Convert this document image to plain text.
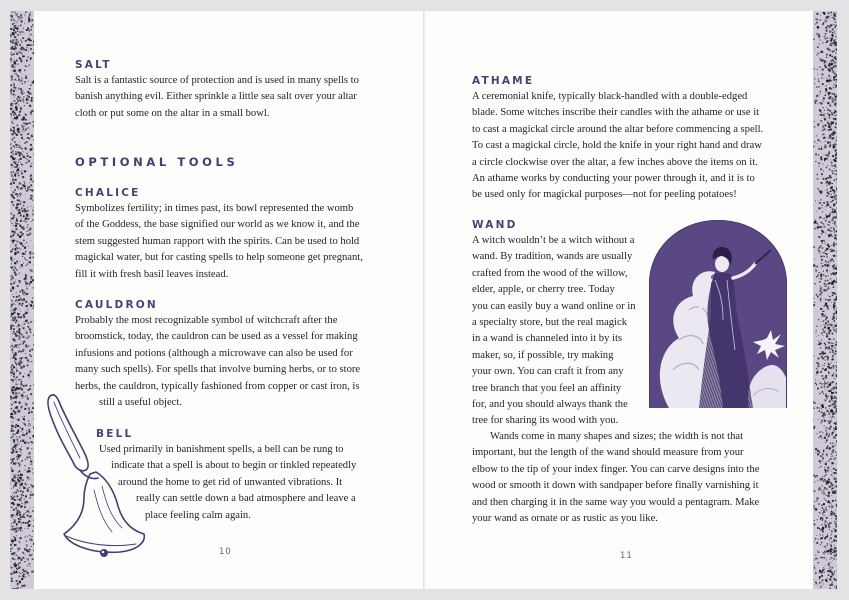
SALT

Salt is a fantastic source of protection and is used in many spells to
banish anything evil. Either sprinkle a little sea salt over your altar
cloth or put some on the altar in a small bowl.

OPTIONAL TOOLS
CHALICE

Symbolizes fertility; in times past, its bowl represented the womb
of the Goddess, the base signified our world as we know it, and the
stem suggested human rapport with the spirits. Can be used to hold
magickal water, but for casting spells to help someone get pregnant,
fill it with fresh basil leaves instead.

CAULDRON

Probably the most recognizable symbol of witchcraft after the
broomstick, today, the cauldron can be used as a vessel for making
infusions and potions (although a microwave can also be used for
many such spells). For spells that involve burning herbs, or to store
herbs, the cauldron, typically fashioned from copper or cast iron, is
still a useful object.

BELL

Used primarily in banishment spells, a bell can be rung to
indicate that a spell is about to begin or tinkled repeatedly
around the home to get rid of unwanted vibrations. It
really can settle down a bad atmosphere and leave a
place feeling calm again.

10
ATHAME

A ceremonial knife, typically black-handled with a double-edged
blade. Some witches inscribe their candles with the athame or use it
to cast a magickal circle around the altar before commencing a spell.
To cast a magickal circle, hold the knife in your right hand and draw
a circle clockwise over the altar, a few inches above the items on it.
An athame works by conducting your power through it, and it is to
be used only for magickal purposes—not for peeling potatoes!

WAND

A witch wouldn’t be a witch without a
wand. By tradition, wands are usually
crafted from the wood of the willow,
elder, apple, or cherry tree. Today
you can easily buy a wand online or in
a specialty store, but the real magick
in a wand is channeled into it by its
maker, so, if possible, try making
your own. You can craft it from any
tree branch that you feel an affinity
for, and you should always thank the
tree for sharing its wood with you.

Wands come in many shapes and sizes; the width is not that
important, but the length of the wand should measure from your
elbow to the tip of your index finger. You can carve designs into the
wood or smooth it down with sandpaper before finally varnishing it
and then charging it in the same way you would a pentagram. Make
your wand as ornate or as rustic as you like.

11
